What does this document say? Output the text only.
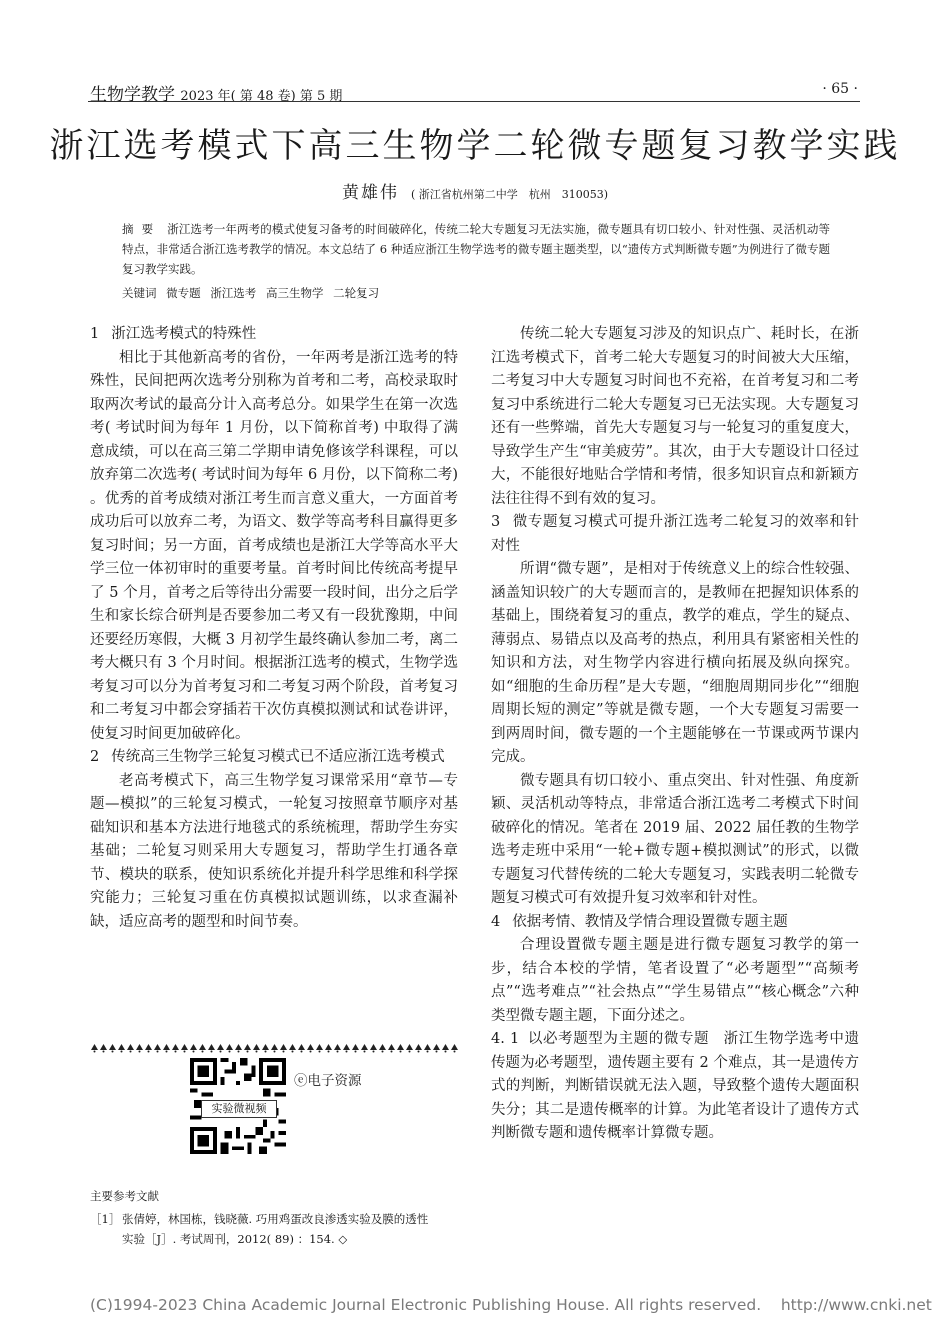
生物学教学 2023 年( 第 48 卷) 第 5 期	· 65 ·
浙江选考模式下高三生物学二轮微专题复习教学实践
黄雄伟 ( 浙江省杭州第二中学　杭州　310053)
摘要 浙江选考一年两考的模式使复习备考的时间破碎化，传统二轮大专题复习无法实施，微专题具有切口较小、针对性强、灵活机动等特点，非常适合浙江选考教学的情况。本文总结了 6 种适应浙江生物学选考的微专题主题类型，以“遗传方式判断微专题”为例进行了微专题复习教学实践。
关键词 微专题 浙江选考 高三生物学 二轮复习
1 浙江选考模式的特殊性

相比于其他新高考的省份，一年两考是浙江选考的特殊性，民间把两次选考分别称为首考和二考，高校录取时取两次考试的最高分计入高考总分。如果学生在第一次选考( 考试时间为每年 1 月份，以下简称首考) 中取得了满意成绩，可以在高三第二学期申请免修该学科课程，可以放弃第二次选考( 考试时间为每年 6 月份，以下简称二考) 。优秀的首考成绩对浙江考生而言意义重大，一方面首考成功后可以放弃二考，为语文、数学等高考科目赢得更多复习时间；另一方面，首考成绩也是浙江大学等高水平大学三位一体初审时的重要考量。首考时间比传统高考提早了 5 个月，首考之后等待出分需要一段时间，出分之后学生和家长综合研判是否要参加二考又有一段犹豫期，中间还要经历寒假，大概 3 月初学生最终确认参加二考，离二考大概只有 3 个月时间。根据浙江选考的模式，生物学选考复习可以分为首考复习和二考复习两个阶段，首考复习和二考复习中都会穿插若干次仿真模拟测试和试卷讲评，使复习时间更加破碎化。

2 传统高三生物学三轮复习模式已不适应浙江选考模式

老高考模式下，高三生物学复习课常采用“章节—专题—模拟”的三轮复习模式，一轮复习按照章节顺序对基础知识和基本方法进行地毯式的系统梳理，帮助学生夯实基础；二轮复习则采用大专题复习，帮助学生打通各章节、模块的联系，使知识系统化并提升科学思维和科学探究能力；三轮复习重在仿真模拟试题训练，以求查漏补缺，适应高考的题型和时间节奏。

实验微视频
ⓔ电子资源
主要参考文献
［1］ 张倩婷，林国栋，钱晓薇. 巧用鸡蛋改良渗透实验及膜的透性
实验［J］. 考试周刊，2012( 89) ：154. ◇

传统二轮大专题复习涉及的知识点广、耗时长，在浙江选考模式下，首考二轮大专题复习的时间被大大压缩，二考复习中大专题复习时间也不充裕，在首考复习和二考复习中系统进行二轮大专题复习已无法实现。大专题复习还有一些弊端，首先大专题复习与一轮复习的重复度大，导致学生产生“审美疲劳”。其次，由于大专题设计口径过大，不能很好地贴合学情和考情，很多知识盲点和新颖方法往往得不到有效的复习。

3 微专题复习模式可提升浙江选考二轮复习的效率和针对性

所谓“微专题”，是相对于传统意义上的综合性较强、涵盖知识较广的大专题而言的，是教师在把握知识体系的基础上，围绕着复习的重点，教学的难点，学生的疑点、薄弱点、易错点以及高考的热点，利用具有紧密相关性的知识和方法，对生物学内容进行横向拓展及纵向探究。如“细胞的生命历程”是大专题，“细胞周期同步化”“细胞周期长短的测定”等就是微专题，一个大专题复习需要一到两周时间，微专题的一个主题能够在一节课或两节课内完成。

微专题具有切口较小、重点突出、针对性强、角度新颖、灵活机动等特点，非常适合浙江选考二考模式下时间破碎化的情况。笔者在 2019 届、2022 届任教的生物学选考走班中采用“一轮+微专题+模拟测试”的形式，以微专题复习代替传统的二轮大专题复习，实践表明二轮微专题复习模式可有效提升复习效率和针对性。

4 依据考情、教情及学情合理设置微专题主题

合理设置微专题主题是进行微专题复习教学的第一步，结合本校的学情，笔者设置了“必考题型”“高频考点”“选考难点”“社会热点”“学生易错点”“核心概念”六种类型微专题主题，下面分述之。

4. 1 以必考题型为主题的微专题 浙江生物学选考中遗传题为必考题型，遗传题主要有 2 个难点，其一是遗传方式的判断，判断错误就无法入题，导致整个遗传大题面积失分；其二是遗传概率的计算。为此笔者设计了遗传方式判断微专题和遗传概率计算微专题。
(C)1994-2023 China Academic Journal Electronic Publishing House. All rights reserved.    http://www.cnki.net
